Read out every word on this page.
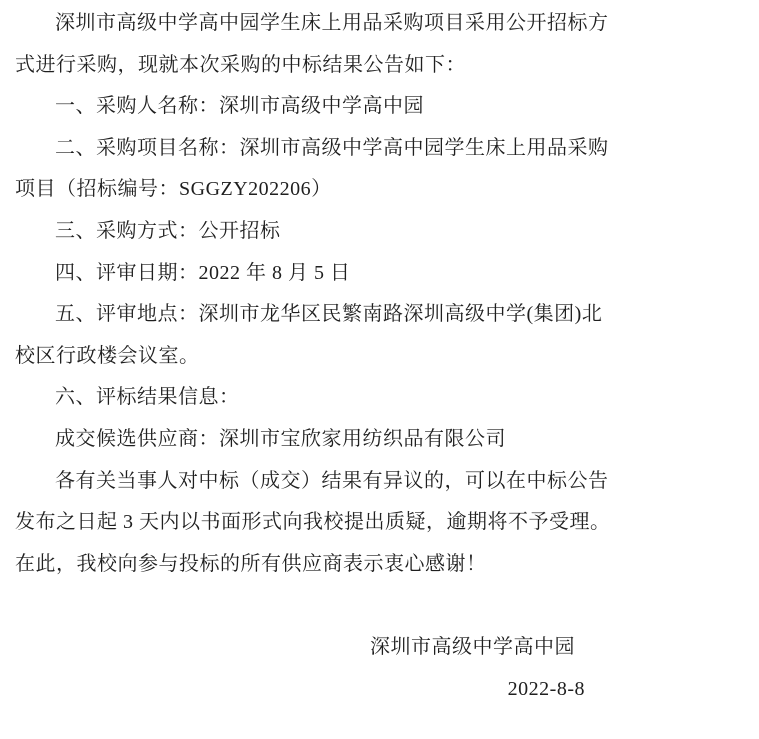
深圳市高级中学高中园学生床上用品采购项目采用公开招标方

式进行采购，现就本次采购的中标结果公告如下：

一、采购人名称：深圳市高级中学高中园

二、采购项目名称：深圳市高级中学高中园学生床上用品采购

项目（招标编号：SGGZY202206）

三、采购方式：公开招标

四、评审日期：2022 年 8 月 5 日

五、评审地点：深圳市龙华区民繁南路深圳高级中学(集团)北

校区行政楼会议室。

六、评标结果信息：

成交候选供应商：深圳市宝欣家用纺织品有限公司

各有关当事人对中标（成交）结果有异议的，可以在中标公告

发布之日起 3 天内以书面形式向我校提出质疑，逾期将不予受理。

在此，我校向参与投标的所有供应商表示衷心感谢！

深圳市高级中学高中园

2022-8-8
